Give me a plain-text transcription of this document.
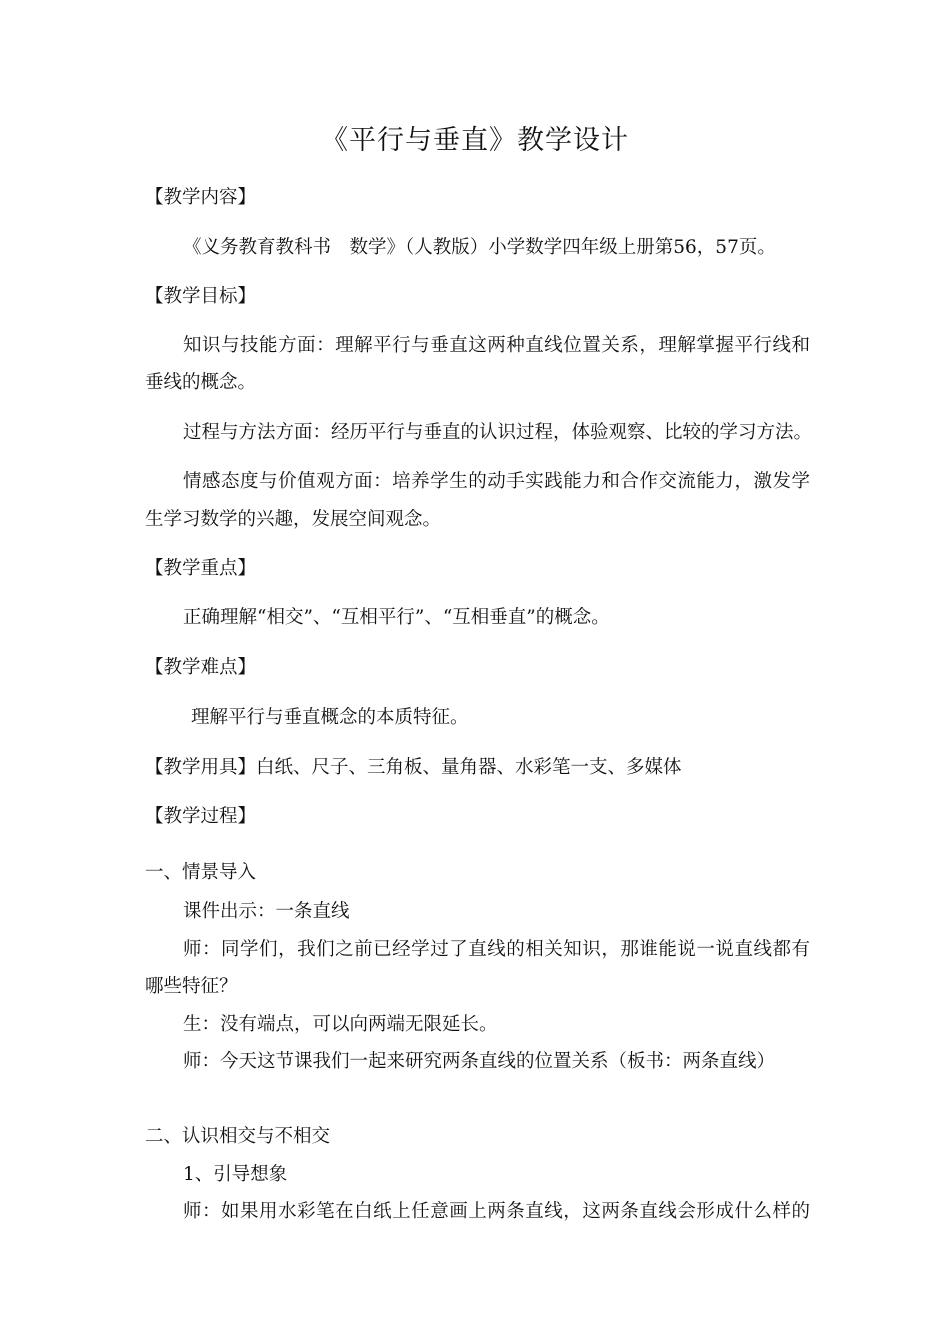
《平行与垂直》教学设计
【教学内容】
《义务教育教科书　数学》（人教版）小学数学四年级上册第56，57页。
【教学目标】
知识与技能方面：理解平行与垂直这两种直线位置关系，理解掌握平行线和
垂线的概念。
过程与方法方面：经历平行与垂直的认识过程，体验观察、比较的学习方法。
情感态度与价值观方面：培养学生的动手实践能力和合作交流能力，激发学
生学习数学的兴趣，发展空间观念。
【教学重点】
正确理解“相交”、“互相平行”、“互相垂直”的概念。
【教学难点】
理解平行与垂直概念的本质特征。
【教学用具】白纸、尺子、三角板、量角器、水彩笔一支、多媒体
【教学过程】
一、情景导入
课件出示：一条直线
师：同学们，我们之前已经学过了直线的相关知识，那谁能说一说直线都有
哪些特征？
生：没有端点，可以向两端无限延长。
师：今天这节课我们一起来研究两条直线的位置关系（板书：两条直线）
二、认识相交与不相交
1、引导想象
师：如果用水彩笔在白纸上任意画上两条直线，这两条直线会形成什么样的
